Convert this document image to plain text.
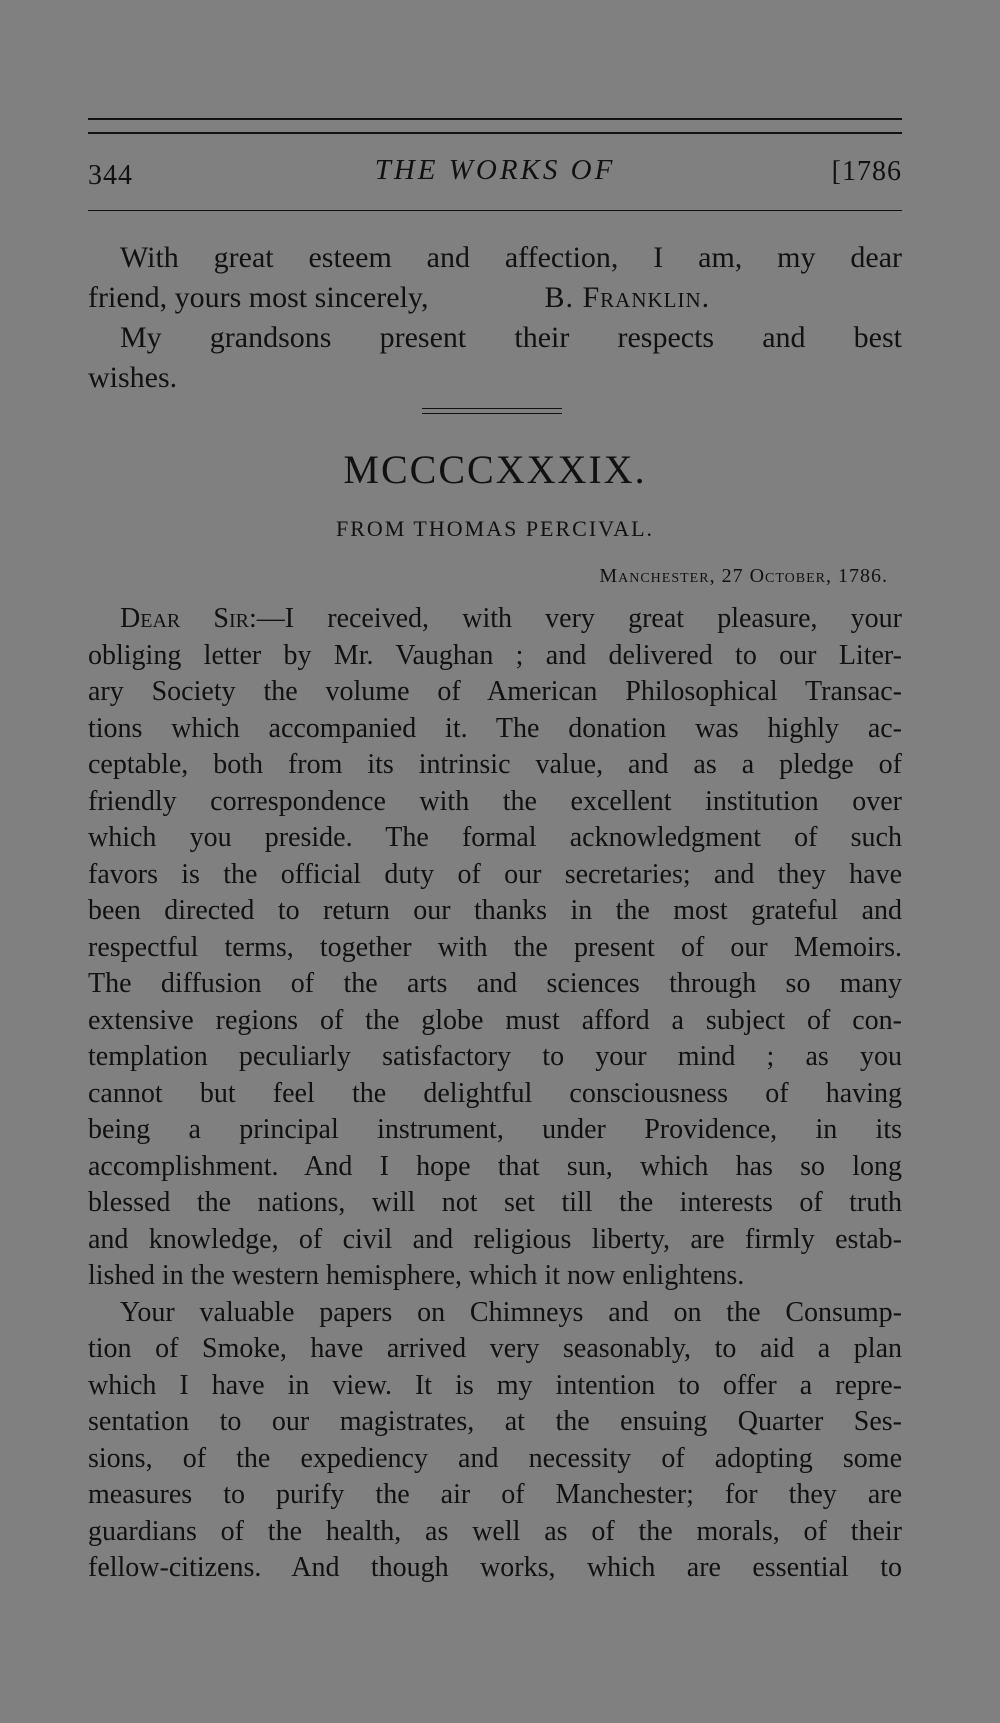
344	THE WORKS OF	[1786
With great esteem and affection, I am, my dear
friend, yours most sincerely,	B. Franklin.
My grandsons present their respects and best
wishes.
MCCCCXXXIX.
FROM THOMAS PERCIVAL.
Manchester, 27 October, 1786.
Dear Sir:—I received, with very great pleasure, your
obliging letter by Mr. Vaughan ; and delivered to our Liter-
ary Society the volume of American Philosophical Transac-
tions which accompanied it. The donation was highly ac-
ceptable, both from its intrinsic value, and as a pledge of
friendly correspondence with the excellent institution over
which you preside. The formal acknowledgment of such
favors is the official duty of our secretaries; and they have
been directed to return our thanks in the most grateful and
respectful terms, together with the present of our Memoirs.
The diffusion of the arts and sciences through so many
extensive regions of the globe must afford a subject of con-
templation peculiarly satisfactory to your mind ; as you
cannot but feel the delightful consciousness of having
being a principal instrument, under Providence, in its
accomplishment. And I hope that sun, which has so long
blessed the nations, will not set till the interests of truth
and knowledge, of civil and religious liberty, are firmly estab-
lished in the western hemisphere, which it now enlightens.
Your valuable papers on Chimneys and on the Consump-
tion of Smoke, have arrived very seasonably, to aid a plan
which I have in view. It is my intention to offer a repre-
sentation to our magistrates, at the ensuing Quarter Ses-
sions, of the expediency and necessity of adopting some
measures to purify the air of Manchester; for they are
guardians of the health, as well as of the morals, of their
fellow-citizens. And though works, which are essential to
